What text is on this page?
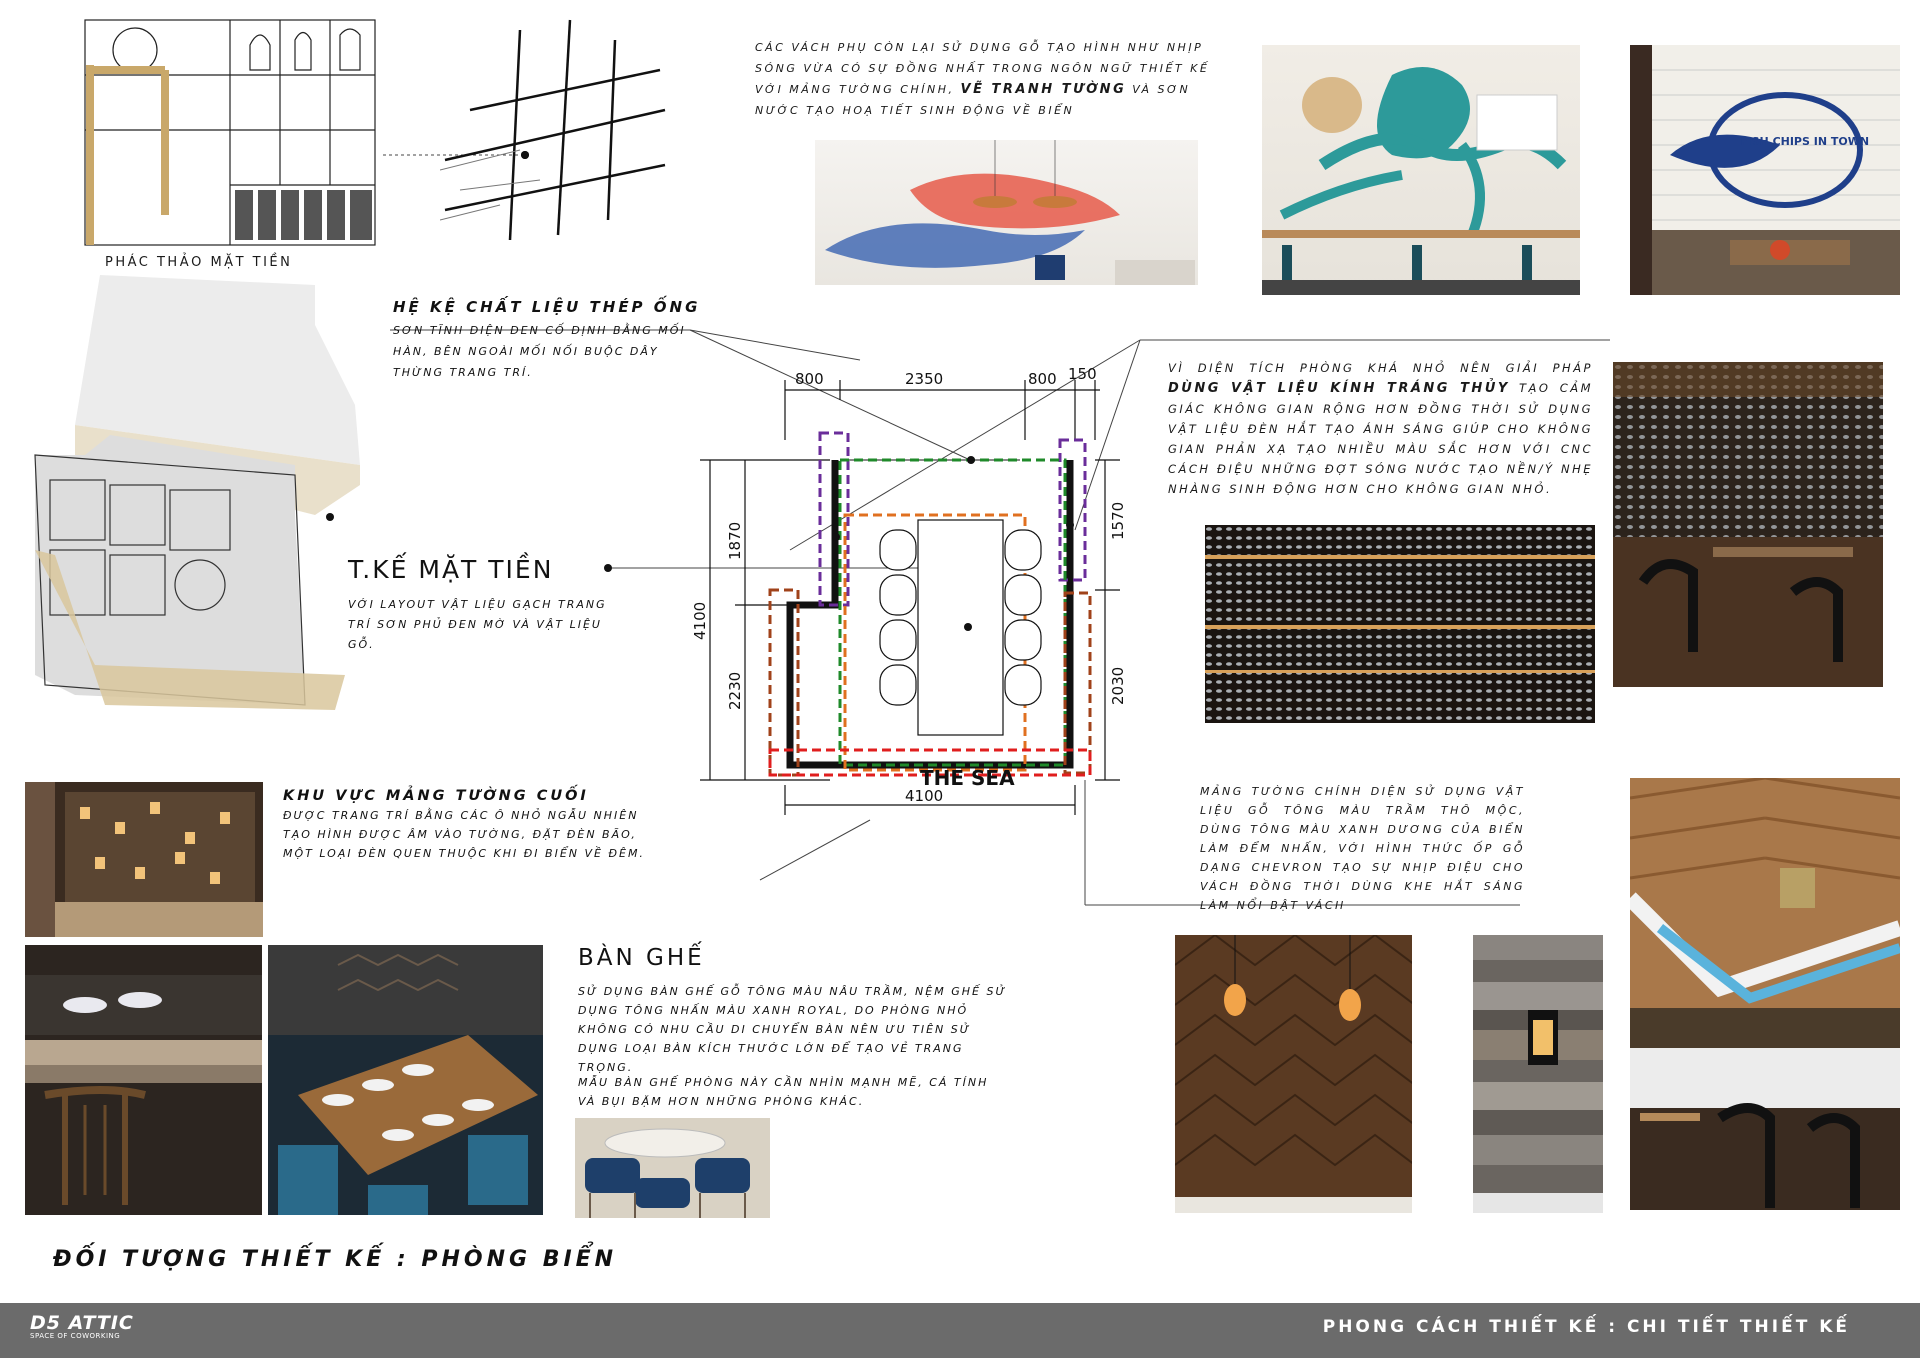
PHÁC THẢO MẶT TIỀN
HỆ KỆ CHẤT LIỆU THÉP ỐNG
SƠN TĨNH ĐIỆN ĐEN CỐ ĐỊNH BẰNG MỐI HÀN, BÊN NGOÀI MỐI NỐI BUỘC DÂY THỪNG TRANG TRÍ.
T.KẾ MẶT TIỀN
VỚI LAYOUT VẬT LIỆU GẠCH TRANG TRÍ SƠN PHỦ ĐEN MỜ VÀ VẬT LIỆU GỖ.
CÁC VÁCH PHỤ CÒN LẠI SỬ DỤNG GỖ TẠO HÌNH NHƯ NHỊP SÓNG VỪA CÓ SỰ ĐỒNG NHẤT TRONG NGÔN NGỮ THIẾT KẾ VỚI MẢNG TƯỜNG CHÍNH, VẼ TRANH TƯỜNG VÀ SƠN NƯỚC TẠO HOẠ TIẾT SINH ĐỘNG VỀ BIỂN
FISH CHIPS IN TOWN
VÌ DIỆN TÍCH PHÒNG KHÁ NHỎ NÊN GIẢI PHÁP DÙNG VẬT LIỆU KÍNH TRÁNG THỦY TẠO CẢM GIÁC KHÔNG GIAN RỘNG HƠN ĐỒNG THỜI SỬ DỤNG VẬT LIỆU ĐÈN HẮT TẠO ÁNH SÁNG GIÚP CHO KHÔNG GIAN PHẢN XẠ TẠO NHIỀU MÀU SẮC HƠN VỚI CNC CÁCH ĐIỆU NHỮNG ĐỢT SÓNG NƯỚC TẠO NỀN/Ý NHẸ NHÀNG SINH ĐỘNG HƠN CHO KHÔNG GIAN NHỎ.
800	2350	800 150
4100
1870
2230
1570
2030
4100
THE SEA
KHU VỰC MẢNG TƯỜNG CUỐI
ĐƯỢC TRANG TRÍ BẰNG CÁC Ô NHỎ NGẪU NHIÊN TẠO HÌNH ĐƯỢC ÂM VÀO TƯỜNG, ĐẶT ĐÈN BÃO, MỘT LOẠI ĐÈN QUEN THUỘC KHI ĐI BIỂN VỀ ĐÊM.
MẢNG TƯỜNG CHÍNH DIỆN SỬ DỤNG VẬT LIỆU GỖ TÔNG MÀU TRẦM THÔ MỘC, DÙNG TÔNG MÀU XANH DƯƠNG CỦA BIỂN LÀM ĐỂM NHẤN, VỚI HÌNH THỨC ỐP GỖ DẠNG CHEVRON TẠO SỰ NHỊP ĐIỆU CHO VÁCH ĐỒNG THỜI DÙNG KHE HẮT SÁNG LÀM NỔI BẬT VÁCH
BÀN GHẾ
SỬ DỤNG BÀN GHẾ GỖ TÔNG MÀU NÂU TRẦM, NỆM GHẾ SỬ DỤNG TÔNG NHẤN MÀU XANH ROYAL, DO PHÒNG NHỎ KHÔNG CÓ NHU CẦU DI CHUYỂN BÀN NÊN ƯU TIÊN SỬ DỤNG LOẠI BÀN KÍCH THƯỚC LỚN ĐỂ TẠO VẺ TRANG TRỌNG.
MẪU BÀN GHẾ PHÒNG NÀY CẦN NHÌN MẠNH MẼ, CÁ TÍNH VÀ BỤI BẶM HƠN NHỮNG PHÒNG KHÁC.
ĐỐI TƯỢNG THIẾT KẾ : PHÒNG BIỂN
D5 ATTIC
SPACE OF COWORKING	PHONG CÁCH THIẾT KẾ : CHI TIẾT THIẾT KẾ
